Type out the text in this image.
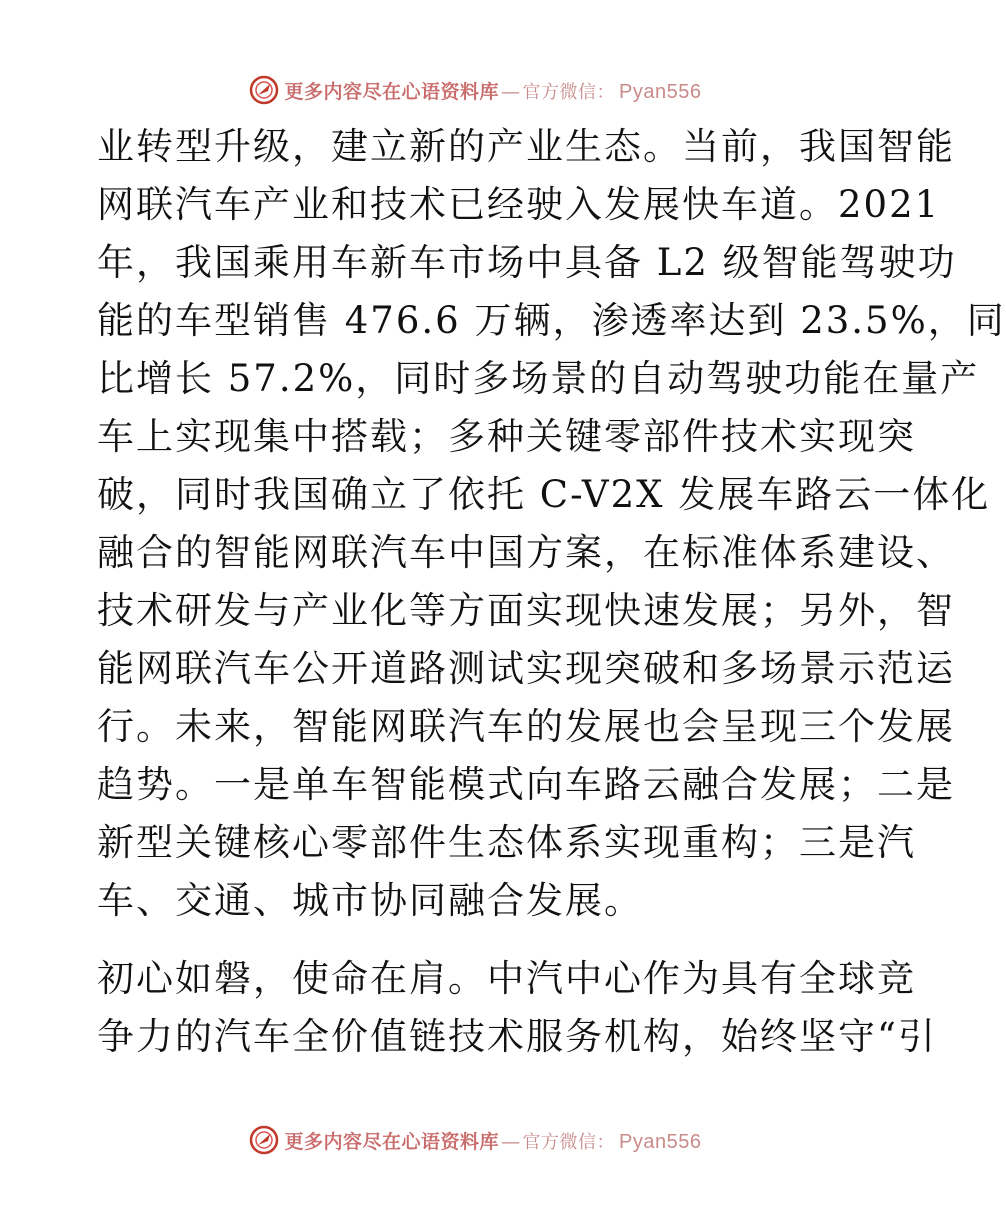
更多内容尽在心语资料库 — 官方微信： Pyan556
业转型升级，建立新的产业生态。当前，我国智能
网联汽车产业和技术已经驶入发展快车道。2021
年，我国乘用车新车市场中具备 L2 级智能驾驶功
能的车型销售 476.6 万辆，渗透率达到 23.5%，同
比增长 57.2%，同时多场景的自动驾驶功能在量产
车上实现集中搭载；多种关键零部件技术实现突
破，同时我国确立了依托 C-V2X 发展车路云一体化
融合的智能网联汽车中国方案，在标准体系建设、
技术研发与产业化等方面实现快速发展；另外，智
能网联汽车公开道路测试实现突破和多场景示范运
行。未来，智能网联汽车的发展也会呈现三个发展
趋势。一是单车智能模式向车路云融合发展；二是
新型关键核心零部件生态体系实现重构；三是汽
车、交通、城市协同融合发展。
初心如磐，使命在肩。中汽中心作为具有全球竞
争力的汽车全价值链技术服务机构，始终坚守“引
更多内容尽在心语资料库 — 官方微信： Pyan556
